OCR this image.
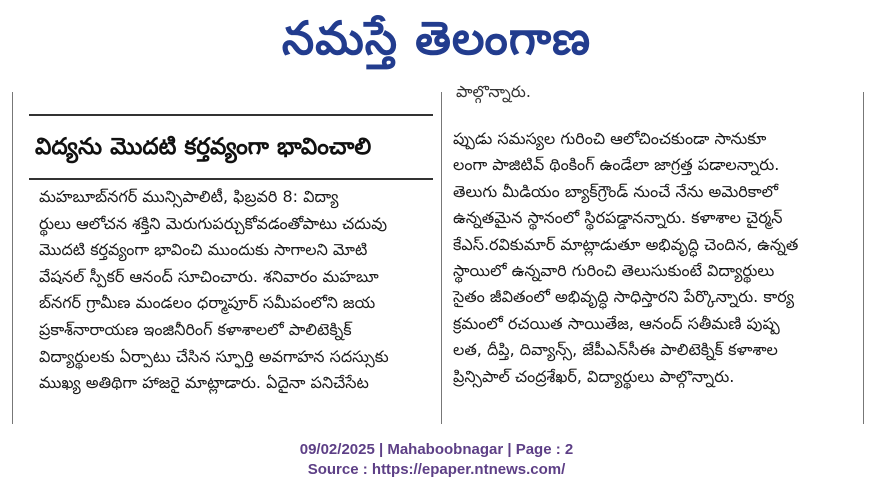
నమస్తే తెలంగాణ
పాల్గొన్నారు.
విద్యను మొదటి కర్తవ్యంగా భావించాలి
మహబూబ్‌నగర్ మున్సిపాలిటీ, ఫిబ్రవరి 8: విద్యా
ర్థులు ఆలోచన శక్తిని మెరుగుపర్చుకోవడంతోపాటు చదువు
మొదటి కర్తవ్యంగా భావించి ముందుకు సాగాలని మోటి
వేషనల్ స్పీకర్ ఆనంద్ సూచించారు. శనివారం మహబూ
బ్‌నగర్ గ్రామీణ మండలం ధర్మాపూర్ సమీపంలోని జయ
ప్రకాశ్‌నారాయణ ఇంజినీరింగ్ కళాశాలలో పాలిటెక్నిక్
విద్యార్థులకు ఏర్పాటు చేసిన స్ఫూర్తి అవగాహన సదస్సుకు
ముఖ్య అతిథిగా హాజరై మాట్లాడారు. ఏదైనా పనిచేసేట
ప్పుడు సమస్యల గురించి ఆలోచించకుండా సానుకూ
లంగా పాజిటివ్ థింకింగ్ ఉండేలా జాగ్రత్త పడాలన్నారు.
తెలుగు మీడియం బ్యాక్‌గ్రౌండ్ నుంచే నేను అమెరికాలో
ఉన్నతమైన స్థానంలో స్థిరపడ్డానన్నారు. కళాశాల చైర్మన్
కేఎస్.రవికుమార్ మాట్లాడుతూ అభివృద్ధి చెందిన, ఉన్నత
స్థాయిలో ఉన్నవారి గురించి తెలుసుకుంటే విద్యార్థులు
సైతం జీవితంలో అభివృద్ధి సాధిస్తారని పేర్కొన్నారు. కార్య
క్రమంలో రచయిత సాయితేజ, ఆనంద్ సతీమణి పుష్ప
లత, దీప్తి, దివ్యాన్స్, జేపీఎన్‌సీఈ పాలిటెక్నిక్ కళాశాల
ప్రిన్సిపాల్ చంద్రశేఖర్, విద్యార్థులు పాల్గొన్నారు.
09/02/2025 | Mahaboobnagar | Page : 2
Source : https://epaper.ntnews.com/
